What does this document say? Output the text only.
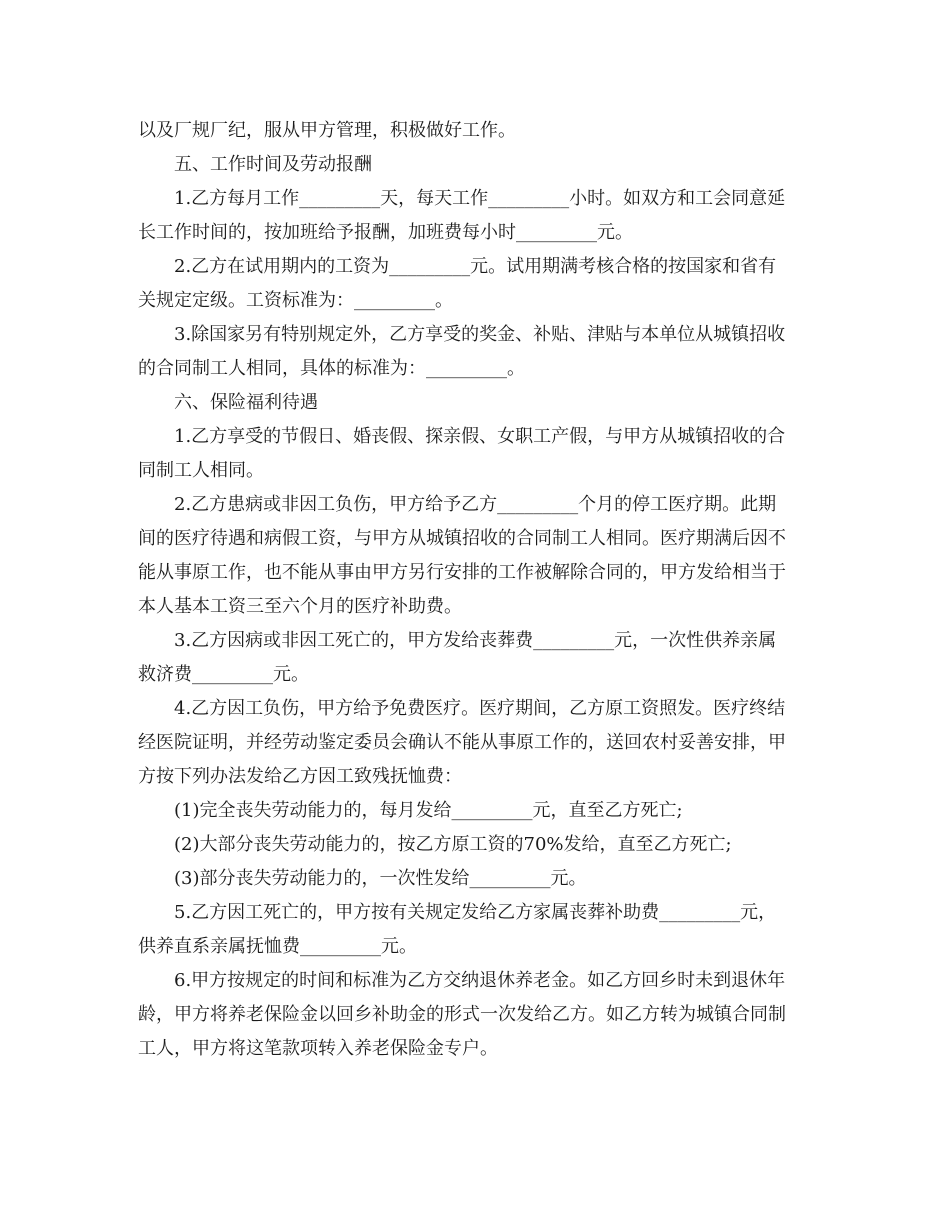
以及厂规厂纪，服从甲方管理，积极做好工作。

五、工作时间及劳动报酬

1.乙方每月工作_________天，每天工作_________小时。如双方和工会同意延

长工作时间的，按加班给予报酬，加班费每小时_________元。

2.乙方在试用期内的工资为_________元。试用期满考核合格的按国家和省有

关规定定级。工资标准为：_________。

3.除国家另有特别规定外，乙方享受的奖金、补贴、津贴与本单位从城镇招收

的合同制工人相同，具体的标准为：_________。

六、保险福利待遇

1.乙方享受的节假日、婚丧假、探亲假、女职工产假，与甲方从城镇招收的合

同制工人相同。

2.乙方患病或非因工负伤，甲方给予乙方_________个月的停工医疗期。此期

间的医疗待遇和病假工资，与甲方从城镇招收的合同制工人相同。医疗期满后因不

能从事原工作，也不能从事由甲方另行安排的工作被解除合同的，甲方发给相当于

本人基本工资三至六个月的医疗补助费。

3.乙方因病或非因工死亡的，甲方发给丧葬费_________元，一次性供养亲属

救济费_________元。

4.乙方因工负伤，甲方给予免费医疗。医疗期间，乙方原工资照发。医疗终结

经医院证明，并经劳动鉴定委员会确认不能从事原工作的，送回农村妥善安排，甲

方按下列办法发给乙方因工致残抚恤费：

(1)完全丧失劳动能力的，每月发给_________元，直至乙方死亡;

(2)大部分丧失劳动能力的，按乙方原工资的70%发给，直至乙方死亡;

(3)部分丧失劳动能力的，一次性发给_________元。

5.乙方因工死亡的，甲方按有关规定发给乙方家属丧葬补助费_________元，

供养直系亲属抚恤费_________元。

6.甲方按规定的时间和标准为乙方交纳退休养老金。如乙方回乡时未到退休年

龄，甲方将养老保险金以回乡补助金的形式一次发给乙方。如乙方转为城镇合同制

工人，甲方将这笔款项转入养老保险金专户。
